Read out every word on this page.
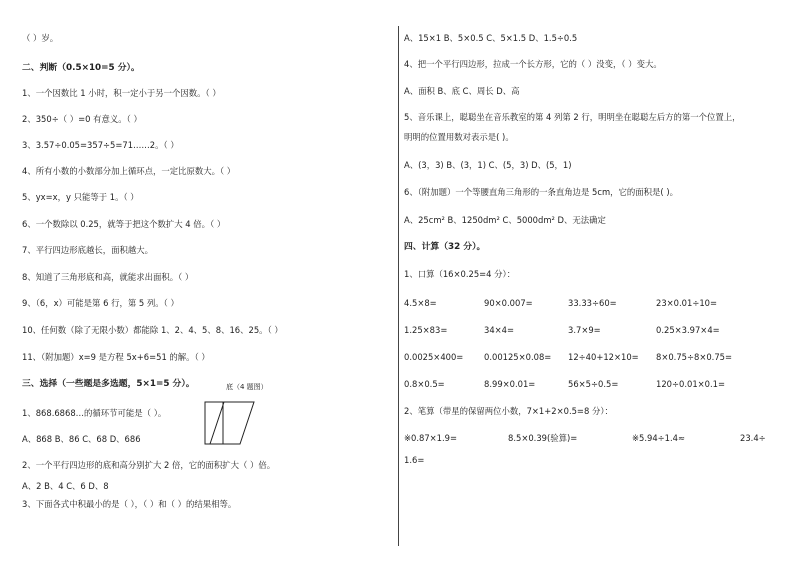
（ ）岁。
二、判断（0.5×10=5 分）。
1、一个因数比 1 小时，积一定小于另一个因数。（ ）
2、350÷（ ）=0 有意义。（ ）
3、3.57÷0.05=357÷5=71……2。（ ）
4、所有小数的小数部分加上循环点，一定比原数大。（ ）
5、yx=x，y 只能等于 1。（ ）
6、一个数除以 0.25，就等于把这个数扩大 4 倍。（ ）
7、平行四边形底越长，面积越大。
8、知道了三角形底和高，就能求出面积。（ ）
9、（6，x）可能是第 6 行，第 5 列。（ ）
10、任何数（除了无限小数）都能除 1、2、4、5、8、16、25。（ ）
11、（附加题）x=9 是方程 5x+6=51 的解。（ ）
三、选择（一些题是多选题，5×1=5 分）。	底（4 题图）
1、868.6868…的循环节可能是（ ）。
A、868 B、86 C、68 D、686
2、一个平行四边形的底和高分别扩大 2 倍，它的面积扩大（ ）倍。
A、2 B、4 C、6 D、8
3、下面各式中积最小的是（ ），（ ）和（ ）的结果相等。
A、15×1 B、5×0.5 C、5×1.5 D、1.5÷0.5
4、把一个平行四边形，拉成一个长方形，它的（ ）没变，（ ）变大。
A、面积 B、底 C、周长 D、高
5、音乐课上，聪聪坐在音乐教室的第 4 列第 2 行，明明坐在聪聪左后方的第一个位置上，
明明的位置用数对表示是( )。
A、(3，3) B、(3，1) C、(5，3) D、(5，1)
6、（附加题）一个等腰直角三角形的一条直角边是 5cm，它的面积是( )。
A、25cm² B、1250dm² C、5000dm² D、无法确定
四、计算（32 分）。
1、口算（16×0.25=4 分）：
4.5×8=	90×0.007=	33.33÷60=	23×0.01÷10=
1.25×83=	34×4=	3.7×9=	0.25×3.97×4=
0.0025×400= 0.00125×0.08= 12÷40+12×10= 8×0.75÷8×0.75=
0.8×0.5=	8.99×0.01=	56×5÷0.5=	120÷0.01×0.1=
2、笔算（带星的保留两位小数，7×1+2×0.5=8 分）：
※0.87×1.9=	8.5×0.39(验算)=	※5.94÷1.4≈	23.4÷
1.6=
